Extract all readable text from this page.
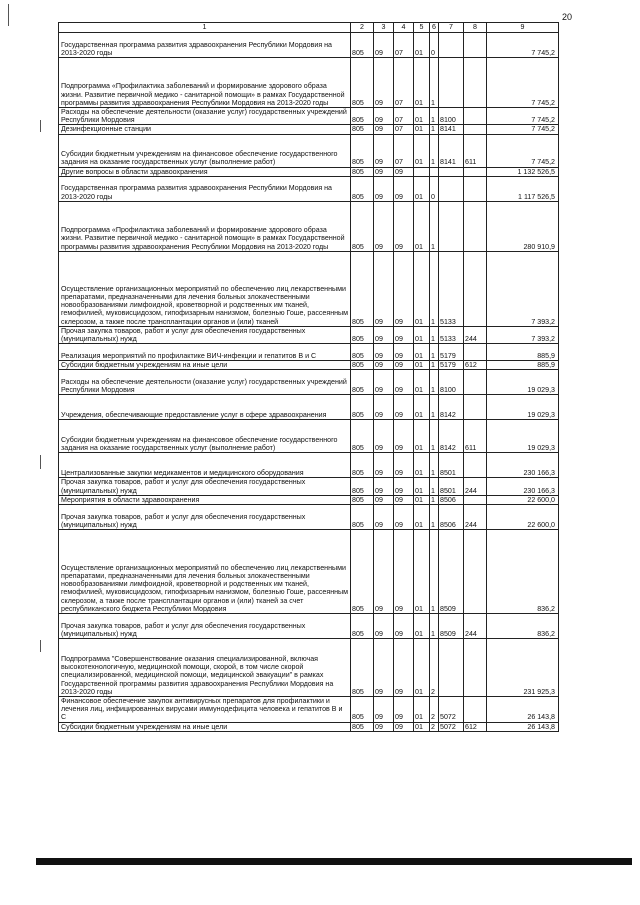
20
1	2	3	4	5	6	7	8	9
Государственная программа развития здравоохранения Республики Мордовия на 2013-2020 годы	805	09	07	01	0			7 745,2
Подпрограмма «Профилактика заболеваний и формирование здорового образа жизни. Развитие первичной медико - санитарной помощи» в рамках Государственной программы развития здравоохранения Республики Мордовия на 2013-2020 годы	805	09	07	01	1			7 745,2
Расходы на обеспечение деятельности (оказание услуг) государственных учреждений Республики Мордовия	805	09	07	01	1	8100		7 745,2
Дезинфекционные станции	805	09	07	01	1	8141		7 745,2
Субсидии бюджетным учреждениям на финансовое обеспечение государственного задания на оказание государственных услуг (выполнение работ)	805	09	07	01	1	8141	611	7 745,2
Другие вопросы в области здравоохранения	805	09	09					1 132 526,5
Государственная программа развития здравоохранения Республики Мордовия на 2013-2020 годы	805	09	09	01	0			1 117 526,5
Подпрограмма «Профилактика заболеваний и формирование здорового образа жизни. Развитие первичной медико - санитарной помощи» в рамках Государственной программы развития здравоохранения Республики Мордовия на 2013-2020 годы	805	09	09	01	1			280 910,9
Осуществление организационных мероприятий по обеспечению лиц лекарственными препаратами, предназначенными для лечения больных злокачественными новообразованиями лимфоидной, кроветворной и родственных им тканей, гемофилией, муковисцидозом, гипофизарным нанизмом, болезнью Гоше, рассеянным склерозом, а также после трансплантации органов и (или) тканей	805	09	09	01	1	5133		7 393,2
Прочая закупка товаров, работ и услуг для обеспечения государственных (муниципальных) нужд	805	09	09	01	1	5133	244	7 393,2
Реализация мероприятий по профилактике ВИЧ-инфекции и гепатитов В и С	805	09	09	01	1	5179		885,9
Субсидии бюджетным учреждениям на иные цели	805	09	09	01	1	5179	612	885,9
Расходы на обеспечение деятельности (оказание услуг) государственных учреждений Республики Мордовия	805	09	09	01	1	8100		19 029,3
Учреждения, обеспечивающие предоставление услуг в сфере здравоохранения	805	09	09	01	1	8142		19 029,3
Субсидии бюджетным учреждениям на финансовое обеспечение государственного задания на оказание государственных услуг (выполнение работ)	805	09	09	01	1	8142	611	19 029,3
Централизованные закупки медикаментов и медицинского оборудования	805	09	09	01	1	8501		230 166,3
Прочая закупка товаров, работ и услуг для обеспечения государственных (муниципальных) нужд	805	09	09	01	1	8501	244	230 166,3
Мероприятия в области здравоохранения	805	09	09	01	1	8506		22 600,0
Прочая закупка товаров, работ и услуг для обеспечения государственных (муниципальных) нужд	805	09	09	01	1	8506	244	22 600,0
Осуществление организационных мероприятий по обеспечению лиц лекарственными препаратами, предназначенными для лечения больных злокачественными новообразованиями лимфоидной, кроветворной и родственных им тканей, гемофилией, муковисцидозом, гипофизарным нанизмом, болезнью Гоше, рассеянным склерозом, а также после трансплантации органов и (или) тканей за счет республиканского бюджета Республики Мордовия	805	09	09	01	1	8509		836,2
Прочая закупка товаров, работ и услуг для обеспечения государственных (муниципальных) нужд	805	09	09	01	1	8509	244	836,2
Подпрограмма "Совершенствование оказания специализированной, включая высокотехнологичную, медицинской помощи, скорой, в том числе скорой специализированной, медицинской помощи, медицинской эвакуации" в рамках Государственной программы развития здравоохранения Республики Мордовия на 2013-2020 годы	805	09	09	01	2			231 925,3
Финансовое обеспечение закупок антивирусных препаратов для профилактики и лечения лиц, инфицированных вирусами иммунодефицита человека и гепатитов В и С	805	09	09	01	2	5072		26 143,8
Субсидии бюджетным учреждениям на иные цели	805	09	09	01	2	5072	612	26 143,8
